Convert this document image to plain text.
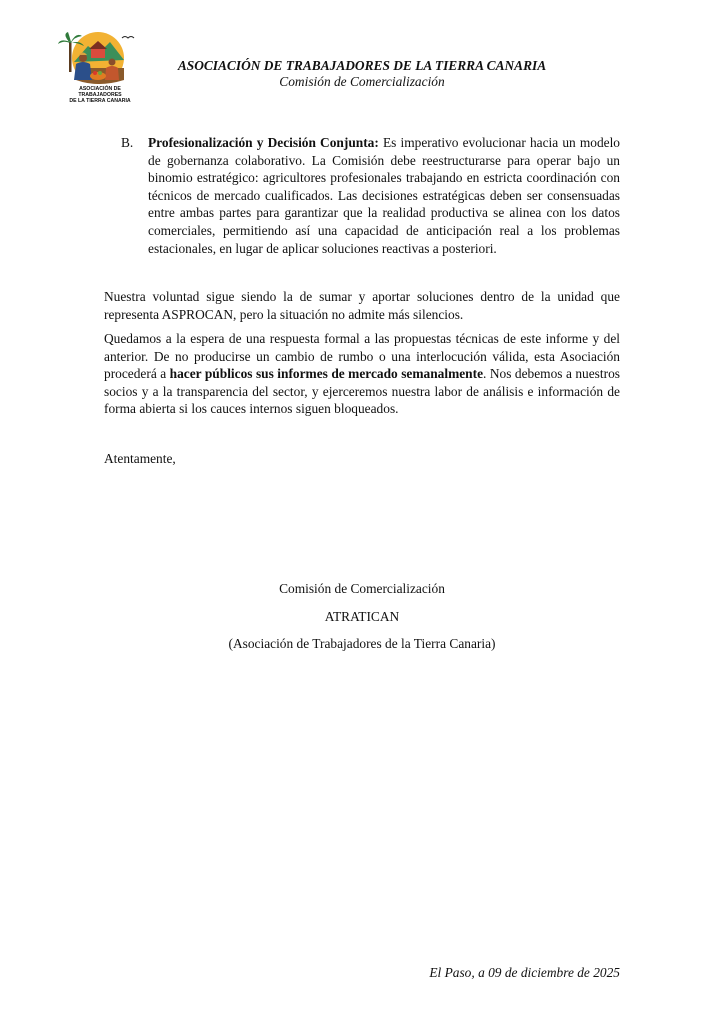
ASOCIACIÓN DE TRABAJADORES
DE LA TIERRA CANARIA
ASOCIACIÓN DE TRABAJADORES DE LA TIERRA CANARIA
Comisión de Comercialización
B. Profesionalización y Decisión Conjunta: Es imperativo evolucionar hacia un modelo de gobernanza colaborativo. La Comisión debe reestructurarse para operar bajo un binomio estratégico: agricultores profesionales trabajando en estricta coordinación con técnicos de mercado cualificados. Las decisiones estratégicas deben ser consensuadas entre ambas partes para garantizar que la realidad productiva se alinea con los datos comerciales, permitiendo así una capacidad de anticipación real a los problemas estacionales, en lugar de aplicar soluciones reactivas a posteriori.

Nuestra voluntad sigue siendo la de sumar y aportar soluciones dentro de la unidad que representa ASPROCAN, pero la situación no admite más silencios.

Quedamos a la espera de una respuesta formal a las propuestas técnicas de este informe y del anterior. De no producirse un cambio de rumbo o una interlocución válida, esta Asociación procederá a hacer públicos sus informes de mercado semanalmente. Nos debemos a nuestros socios y a la transparencia del sector, y ejerceremos nuestra labor de análisis e información de forma abierta si los cauces internos siguen bloqueados.

Atentamente,
Comisión de Comercialización
ATRATICAN
(Asociación de Trabajadores de la Tierra Canaria)
El Paso, a 09 de diciembre de 2025
